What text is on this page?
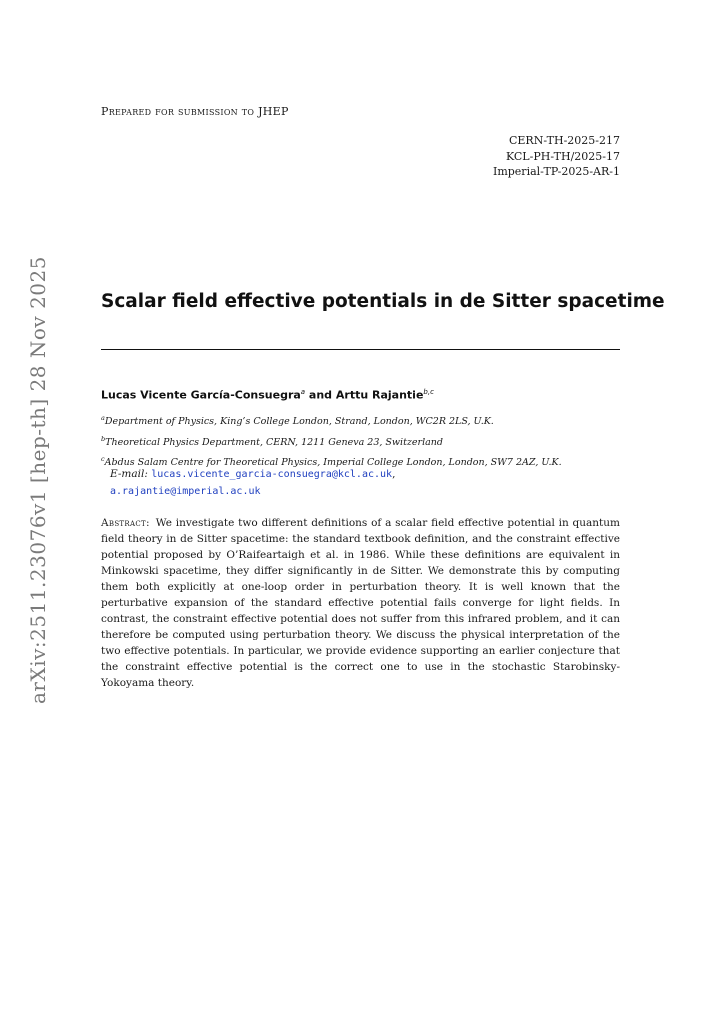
Prepared for submission to JHEP
CERN-TH-2025-217
KCL-PH-TH/2025-17
Imperial-TP-2025-AR-1
arXiv:2511.23076v1 [hep-th] 28 Nov 2025	Scalar field effective potentials in de Sitter spacetime
Lucas Vicente García-Consuegra$^a$ and Arttu Rajantie$^{b,c}$
$^a$Department of Physics, King’s College London, Strand, London, WC2R 2LS, U.K.
$^b$Theoretical Physics Department, CERN, 1211 Geneva 23, Switzerland
$^c$Abdus Salam Centre for Theoretical Physics, Imperial College London, London, SW7 2AZ, U.K.
E-mail: lucas.vicente_garcia-consuegra@kcl.ac.uk,
a.rajantie@imperial.ac.uk
Abstract: We investigate two different definitions of a scalar field effective potential in quantum field theory in de Sitter spacetime: the standard textbook definition, and the constraint effective potential proposed by O’Raifeartaigh et al. in 1986. While these definitions are equivalent in Minkowski spacetime, they differ significantly in de Sitter. We demonstrate this by computing them both explicitly at one-loop order in perturbation theory. It is well known that the perturbative expansion of the standard effective potential fails converge for light fields. In contrast, the constraint effective potential does not suffer from this infrared problem, and it can therefore be computed using perturbation theory. We discuss the physical interpretation of the two effective potentials. In particular, we provide evidence supporting an earlier conjecture that the constraint effective potential is the correct one to use in the stochastic Starobinsky-Yokoyama theory.
